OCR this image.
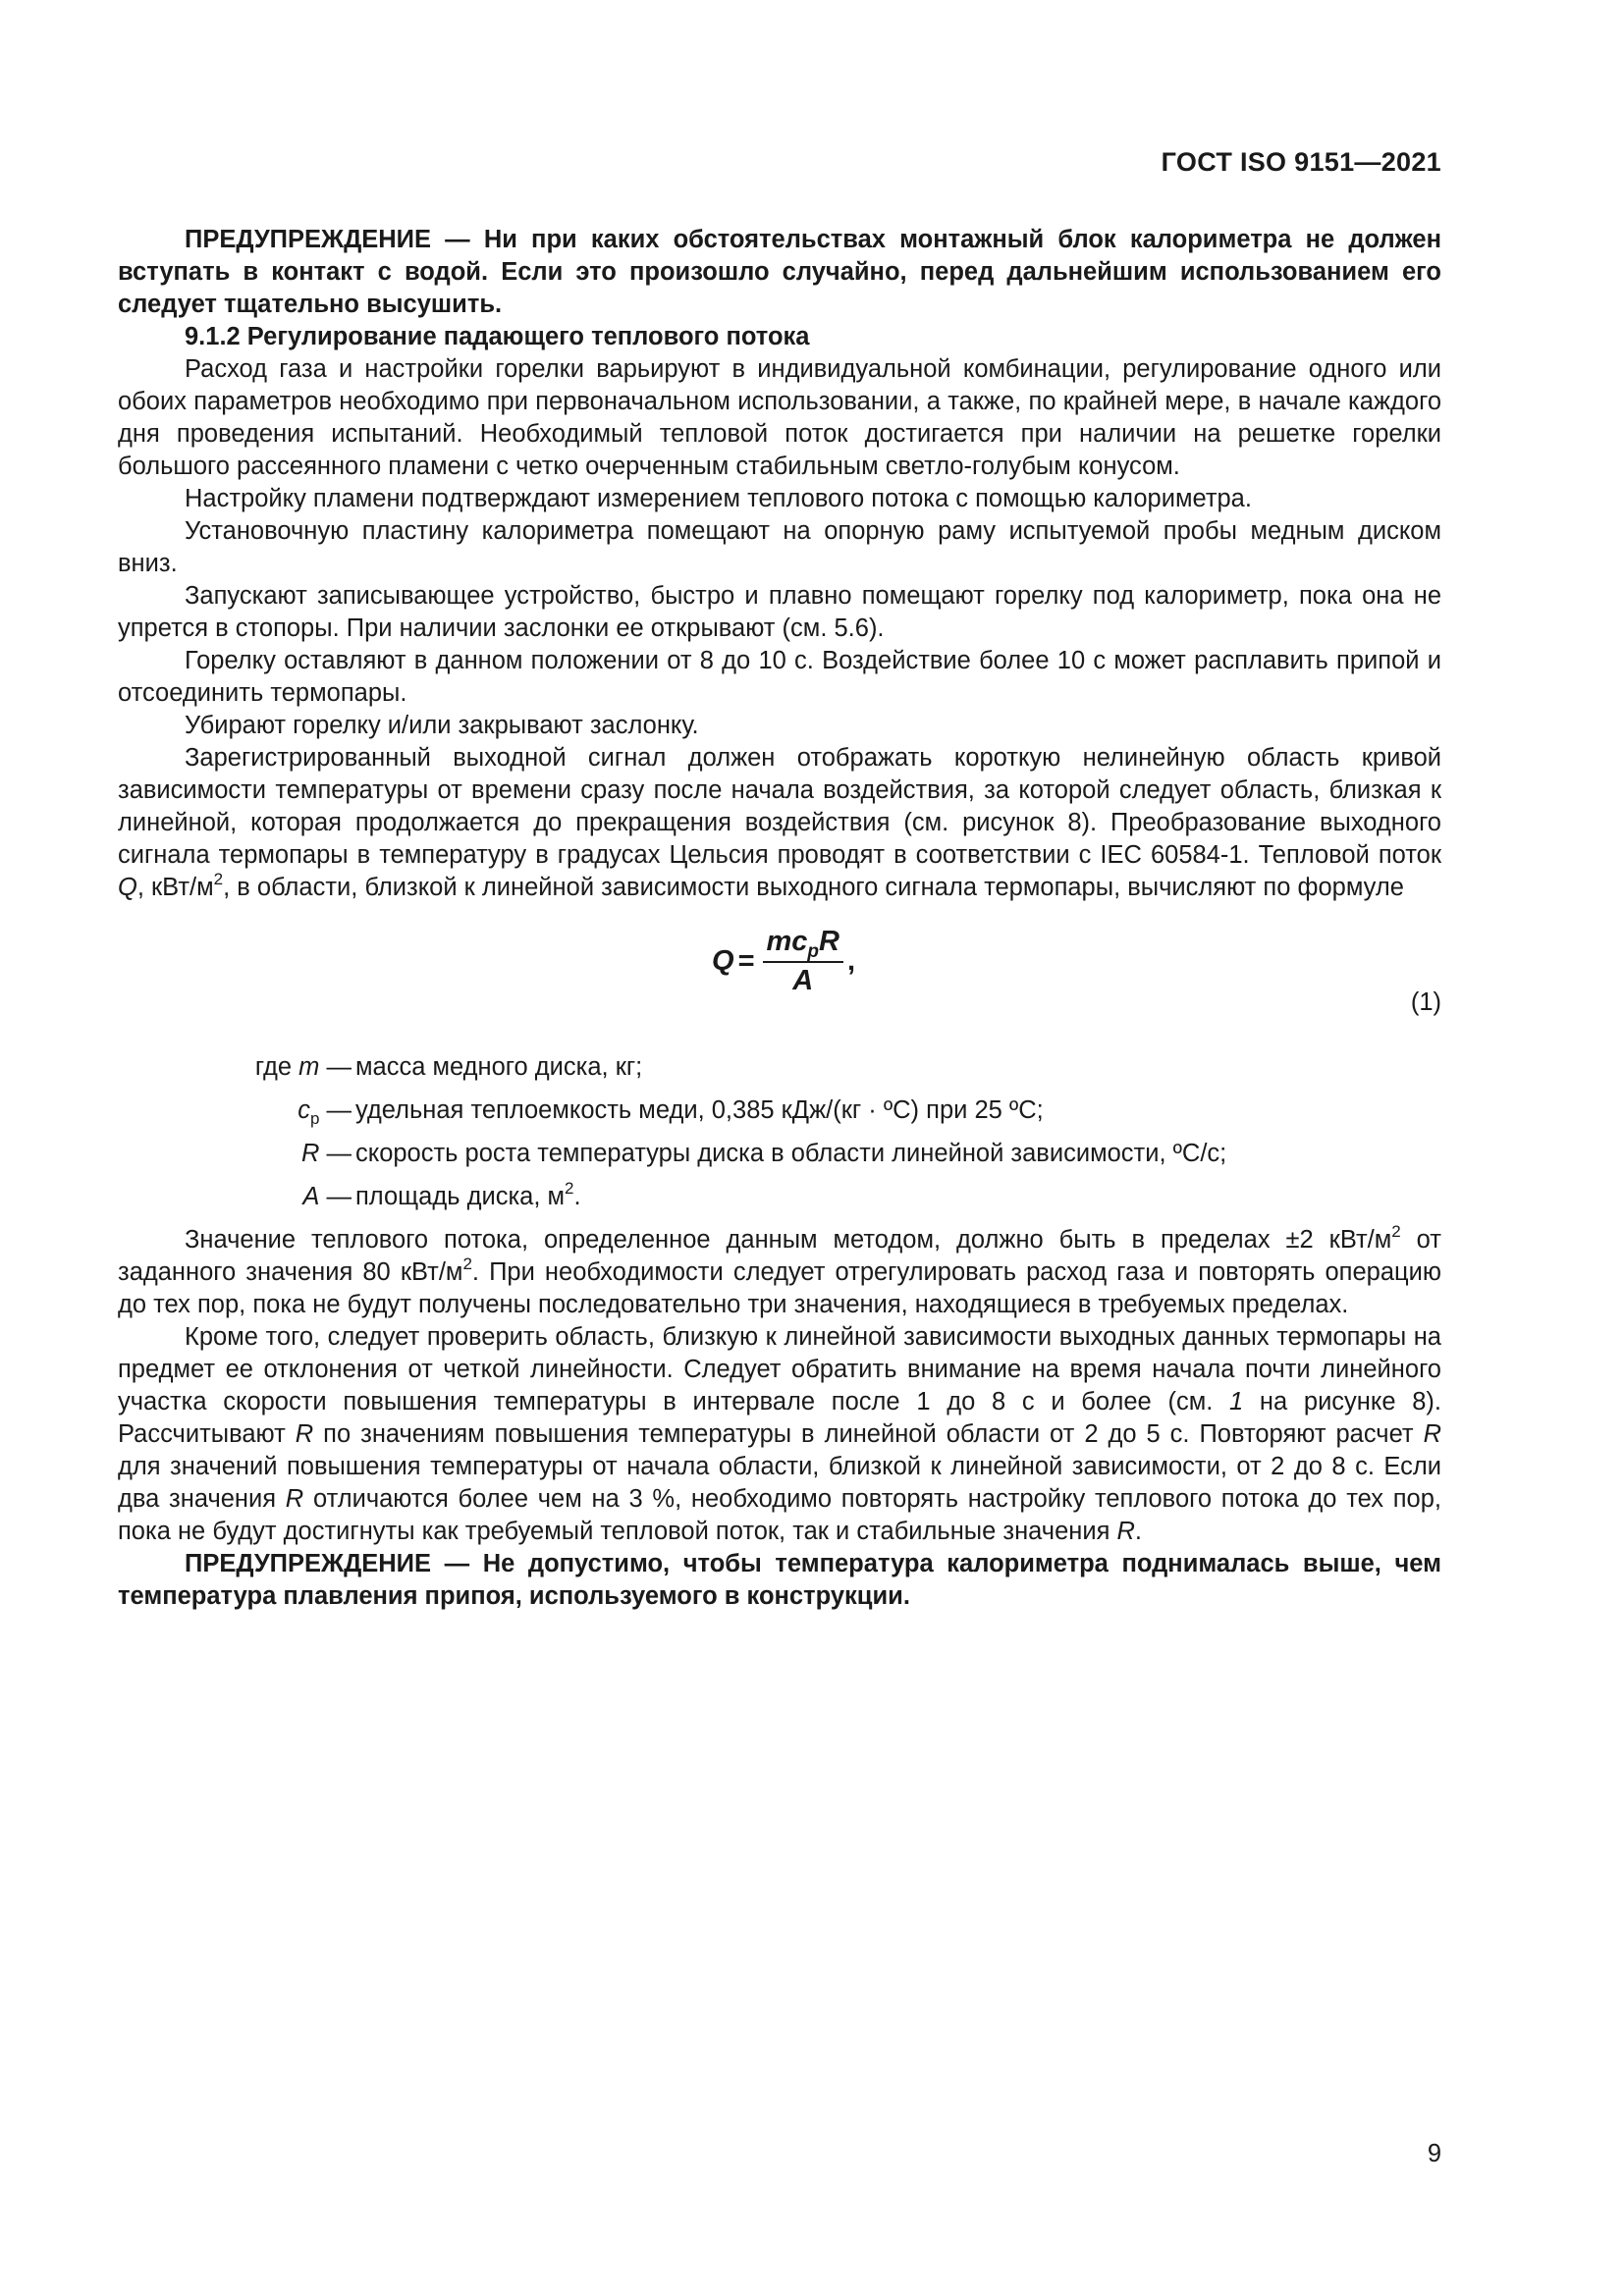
ГОСТ ISO 9151—2021

ПРЕДУПРЕЖДЕНИЕ — Ни при каких обстоятельствах монтажный блок калориметра не должен вступать в контакт с водой. Если это произошло случайно, перед дальнейшим использованием его следует тщательно высушить.

9.1.2 Регулирование падающего теплового потока

Расход газа и настройки горелки варьируют в индивидуальной комбинации, регулирование одного или обоих параметров необходимо при первоначальном использовании, а также, по крайней мере, в начале каждого дня проведения испытаний. Необходимый тепловой поток достигается при наличии на решетке горелки большого рассеянного пламени с четко очерченным стабильным светло-голубым конусом.

Настройку пламени подтверждают измерением теплового потока с помощью калориметра.

Установочную пластину калориметра помещают на опорную раму испытуемой пробы медным диском вниз.

Запускают записывающее устройство, быстро и плавно помещают горелку под калориметр, пока она не упрется в стопоры. При наличии заслонки ее открывают (см. 5.6).

Горелку оставляют в данном положении от 8 до 10 с. Воздействие более 10 с может расплавить припой и отсоединить термопары.

Убирают горелку и/или закрывают заслонку.

Зарегистрированный выходной сигнал должен отображать короткую нелинейную область кривой зависимости температуры от времени сразу после начала воздействия, за которой следует область, близкая к линейной, которая продолжается до прекращения воздействия (см. рисунок 8). Преобразование выходного сигнала термопары в температуру в градусах Цельсия проводят в соответствии с IEC 60584-1. Тепловой поток Q, кВт/$м^2$, в области, близкой к линейной зависимости выходного сигнала термопары, вычисляют по формуле

$Q = \frac{mc_pR}{A}$ ,
(1)
где m — масса медного диска, кг;
$c_р$ — удельная теплоемкость меди, 0,385 кДж/(кг · ºС) при 25 ºС;
R — скорость роста температуры диска в области линейной зависимости, ºС/с;
A — площадь диска, $м^2$.

Значение теплового потока, определенное данным методом, должно быть в пределах ±2 кВт/$м^2$ от заданного значения 80 кВт/$м^2$. При необходимости следует отрегулировать расход газа и повторять операцию до тех пор, пока не будут получены последовательно три значения, находящиеся в требуемых пределах.

Кроме того, следует проверить область, близкую к линейной зависимости выходных данных термопары на предмет ее отклонения от четкой линейности. Следует обратить внимание на время начала почти линейного участка скорости повышения температуры в интервале после 1 до 8 с и более (см. 1 на рисунке 8). Рассчитывают R по значениям повышения температуры в линейной области от 2 до 5 с. Повторяют расчет R для значений повышения температуры от начала области, близкой к линейной зависимости, от 2 до 8 с. Если два значения R отличаются более чем на 3 %, необходимо повторять настройку теплового потока до тех пор, пока не будут достигнуты как требуемый тепловой поток, так и стабильные значения R.

ПРЕДУПРЕЖДЕНИЕ — Не допустимо, чтобы температура калориметра поднималась выше, чем температура плавления припоя, используемого в конструкции.

9
